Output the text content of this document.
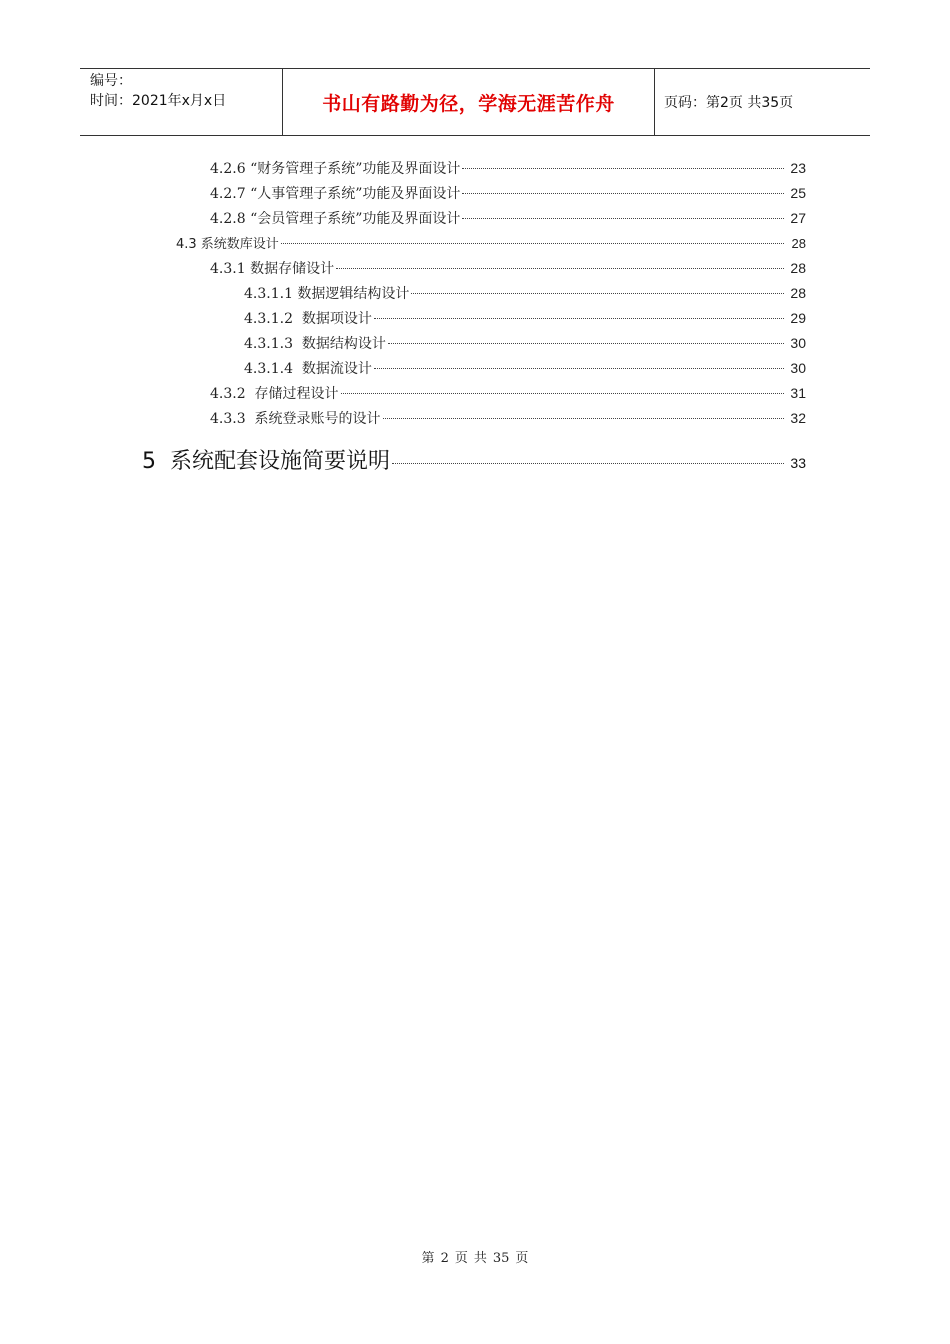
编号：
时间：2021年x月x日	书山有路勤为径，学海无涯苦作舟	页码：第2页 共35页
4.2.6 “财务管理子系统”功能及界面设计	23
4.2.7 “人事管理子系统”功能及界面设计	25
4.2.8 “会员管理子系统”功能及界面设计	27
4.3 系统数库设计	28
4.3.1 数据存储设计	28
4.3.1.1 数据逻辑结构设计	28
4.3.1.2  数据项设计	29
4.3.1.3  数据结构设计	30
4.3.1.4  数据流设计	30
4.3.2  存储过程设计	31
4.3.3  系统登录账号的设计	32
5  系统配套设施简要说明	33
第 2 页 共 35 页
